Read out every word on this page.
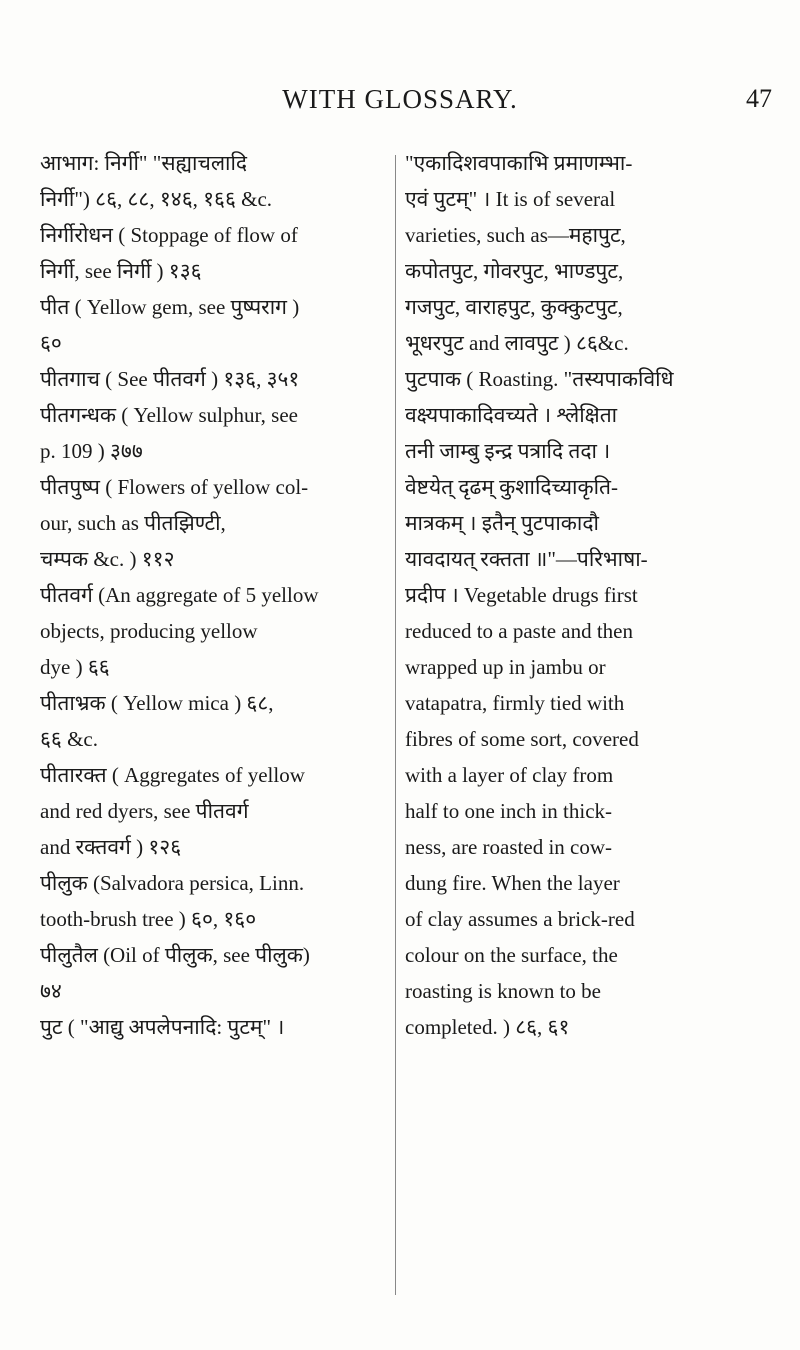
WITH GLOSSARY.	47
आभाग: निर्गी" "सह्याचलादि
निर्गी") ८६, ८८, १४६, १६६ &c.
निर्गीरोधन ( Stoppage of flow of
निर्गी, see निर्गी ) १३६
पीत ( Yellow gem, see पुष्पराग )
६०
पीतगाच ( See पीतवर्ग ) १३६, ३५१
पीतगन्धक ( Yellow sulphur, see
p. 109 ) ३७७
पीतपुष्प ( Flowers of yellow col-
our, such as पीतझिण्टी,
चम्पक &c. ) ११२
पीतवर्ग (An aggregate of 5 yellow
objects, producing yellow
dye ) ६६
पीताभ्रक ( Yellow mica ) ६८,
६६ &c.
पीतारक्त ( Aggregates of yellow
and red dyers, see पीतवर्ग
and रक्तवर्ग ) १२६
पीलुक (Salvadora persica, Linn.
tooth-brush tree ) ६०, १६०
पीलुतैल (Oil of पीलुक, see पीलुक)
७४
पुट ( "आद्यु अपलेपनादि: पुटम्" ।
"एकादिशवपाकाभि प्रमाणम्भा-
एवं पुटम्" । It is of several
varieties, such as—महापुट,
कपोतपुट, गोवरपुट, भाण्डपुट,
गजपुट, वाराहपुट, कुक्कुटपुट,
भूधरपुट and लावपुट ) ८६&c.
पुटपाक ( Roasting. "तस्यपाकविधि
वक्ष्यपाकादिवच्यते । श्लेक्षिता
तनी जाम्बु इन्द्र पत्रादि तदा ।
वेष्टयेत् दृढम् कुशादिच्याकृति-
मात्रकम् । इतैन् पुटपाकादौ
यावदायत् रक्तता ॥"—परिभाषा-
प्रदीप । Vegetable drugs first
reduced to a paste and then
wrapped up in jambu or
vatapatra, firmly tied with
fibres of some sort, covered
with a layer of clay from
half to one inch in thick-
ness, are roasted in cow-
dung fire. When the layer
of clay assumes a brick-red
colour on the surface, the
roasting is known to be
completed. ) ८६, ६१
